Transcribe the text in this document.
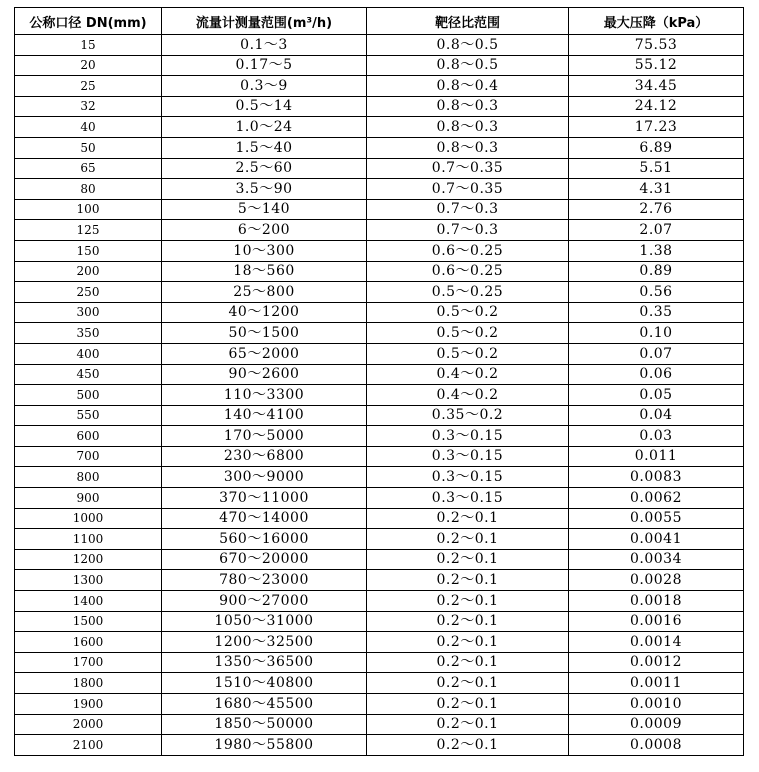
公称口径 DN(mm)	流量计测量范围(m³/h)	靶径比范围	最大压降（kPa）
15	0.1～3	0.8～0.5	75.53
20	0.17～5	0.8～0.5	55.12
25	0.3～9	0.8～0.4	34.45
32	0.5～14	0.8～0.3	24.12
40	1.0～24	0.8～0.3	17.23
50	1.5～40	0.8～0.3	6.89
65	2.5～60	0.7～0.35	5.51
80	3.5～90	0.7～0.35	4.31
100	5～140	0.7～0.3	2.76
125	6～200	0.7～0.3	2.07
150	10～300	0.6～0.25	1.38
200	18～560	0.6～0.25	0.89
250	25～800	0.5～0.25	0.56
300	40～1200	0.5～0.2	0.35
350	50～1500	0.5～0.2	0.10
400	65～2000	0.5～0.2	0.07
450	90～2600	0.4～0.2	0.06
500	110～3300	0.4～0.2	0.05
550	140～4100	0.35～0.2	0.04
600	170～5000	0.3～0.15	0.03
700	230～6800	0.3～0.15	0.011
800	300～9000	0.3～0.15	0.0083
900	370～11000	0.3～0.15	0.0062
1000	470～14000	0.2～0.1	0.0055
1100	560～16000	0.2～0.1	0.0041
1200	670～20000	0.2～0.1	0.0034
1300	780～23000	0.2～0.1	0.0028
1400	900～27000	0.2～0.1	0.0018
1500	1050～31000	0.2～0.1	0.0016
1600	1200～32500	0.2～0.1	0.0014
1700	1350～36500	0.2～0.1	0.0012
1800	1510～40800	0.2～0.1	0.0011
1900	1680～45500	0.2～0.1	0.0010
2000	1850～50000	0.2～0.1	0.0009
2100	1980～55800	0.2～0.1	0.0008
